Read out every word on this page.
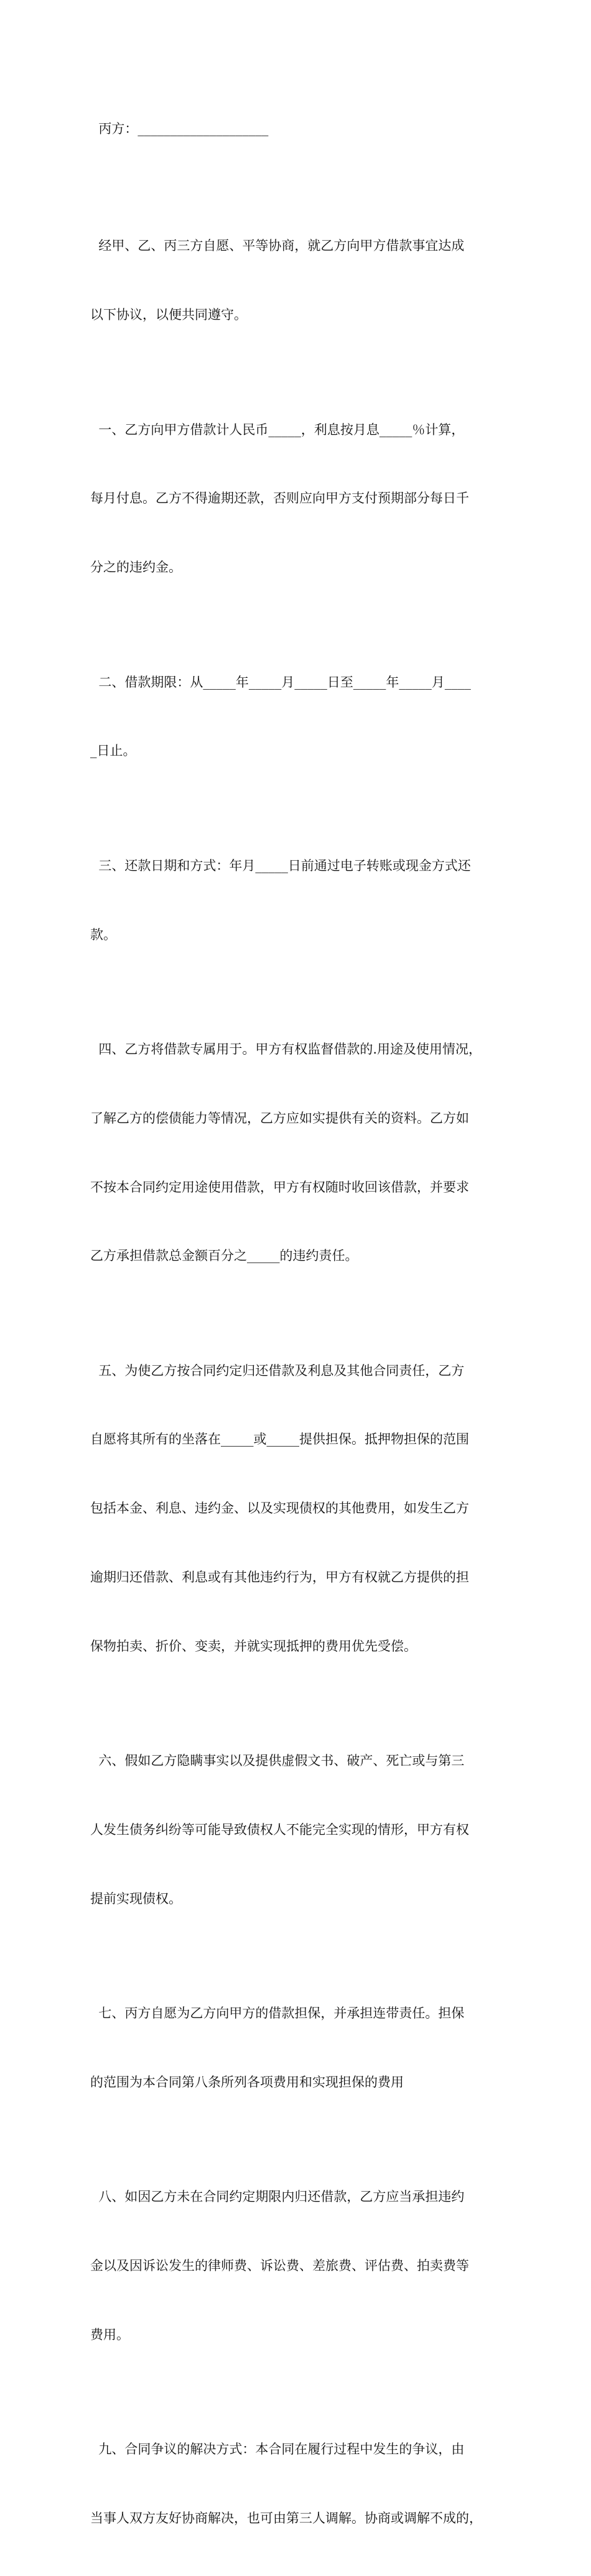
丙方：____________________

经甲、乙、丙三方自愿、平等协商，就乙方向甲方借款事宜达成

以下协议，以便共同遵守。

一、乙方向甲方借款计人民币_____，利息按月息_____％计算，

每月付息。乙方不得逾期还款，否则应向甲方支付预期部分每日千

分之的违约金。

二、借款期限：从_____年_____月_____日至_____年_____月____

_日止。

三、还款日期和方式：年月_____日前通过电子转账或现金方式还

款。

四、乙方将借款专属用于。甲方有权监督借款的.用途及使用情况，

了解乙方的偿债能力等情况，乙方应如实提供有关的资料。乙方如

不按本合同约定用途使用借款，甲方有权随时收回该借款，并要求

乙方承担借款总金额百分之_____的违约责任。

五、为使乙方按合同约定归还借款及利息及其他合同责任，乙方

自愿将其所有的坐落在_____或_____提供担保。抵押物担保的范围

包括本金、利息、违约金、以及实现债权的其他费用，如发生乙方

逾期归还借款、利息或有其他违约行为，甲方有权就乙方提供的担

保物拍卖、折价、变卖，并就实现抵押的费用优先受偿。

六、假如乙方隐瞒事实以及提供虚假文书、破产、死亡或与第三

人发生债务纠纷等可能导致债权人不能完全实现的情形，甲方有权

提前实现债权。

七、丙方自愿为乙方向甲方的借款担保，并承担连带责任。担保

的范围为本合同第八条所列各项费用和实现担保的费用

八、如因乙方未在合同约定期限内归还借款，乙方应当承担违约

金以及因诉讼发生的律师费、诉讼费、差旅费、评估费、拍卖费等

费用。

九、合同争议的解决方式：本合同在履行过程中发生的争议，由

当事人双方友好协商解决，也可由第三人调解。协商或调解不成的，
